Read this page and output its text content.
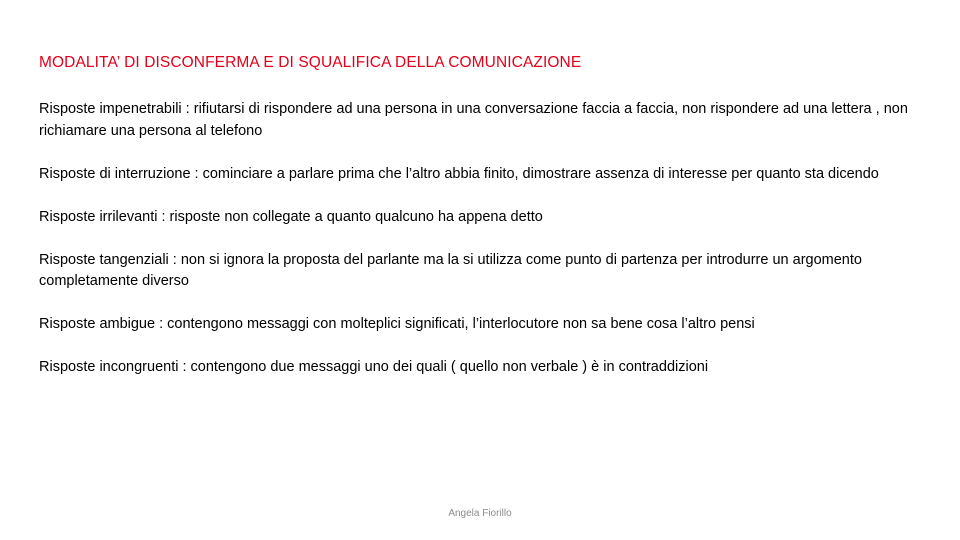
MODALITA’ DI DISCONFERMA E DI SQUALIFICA DELLA COMUNICAZIONE

Risposte impenetrabili : rifiutarsi di rispondere ad una persona in una conversazione faccia a faccia, non rispondere ad una lettera , non richiamare una persona al telefono

Risposte di interruzione : cominciare a parlare prima che l’altro abbia finito, dimostrare assenza di interesse per quanto sta dicendo

Risposte irrilevanti : risposte non collegate a quanto qualcuno ha appena detto

Risposte tangenziali : non si ignora la proposta del parlante ma la si utilizza come punto di partenza per introdurre un argomento completamente diverso

Risposte ambigue : contengono messaggi con molteplici significati, l’interlocutore non sa bene cosa l’altro pensi

Risposte incongruenti : contengono due messaggi uno dei quali ( quello non verbale ) è in contraddizioni

Angela Fiorillo
